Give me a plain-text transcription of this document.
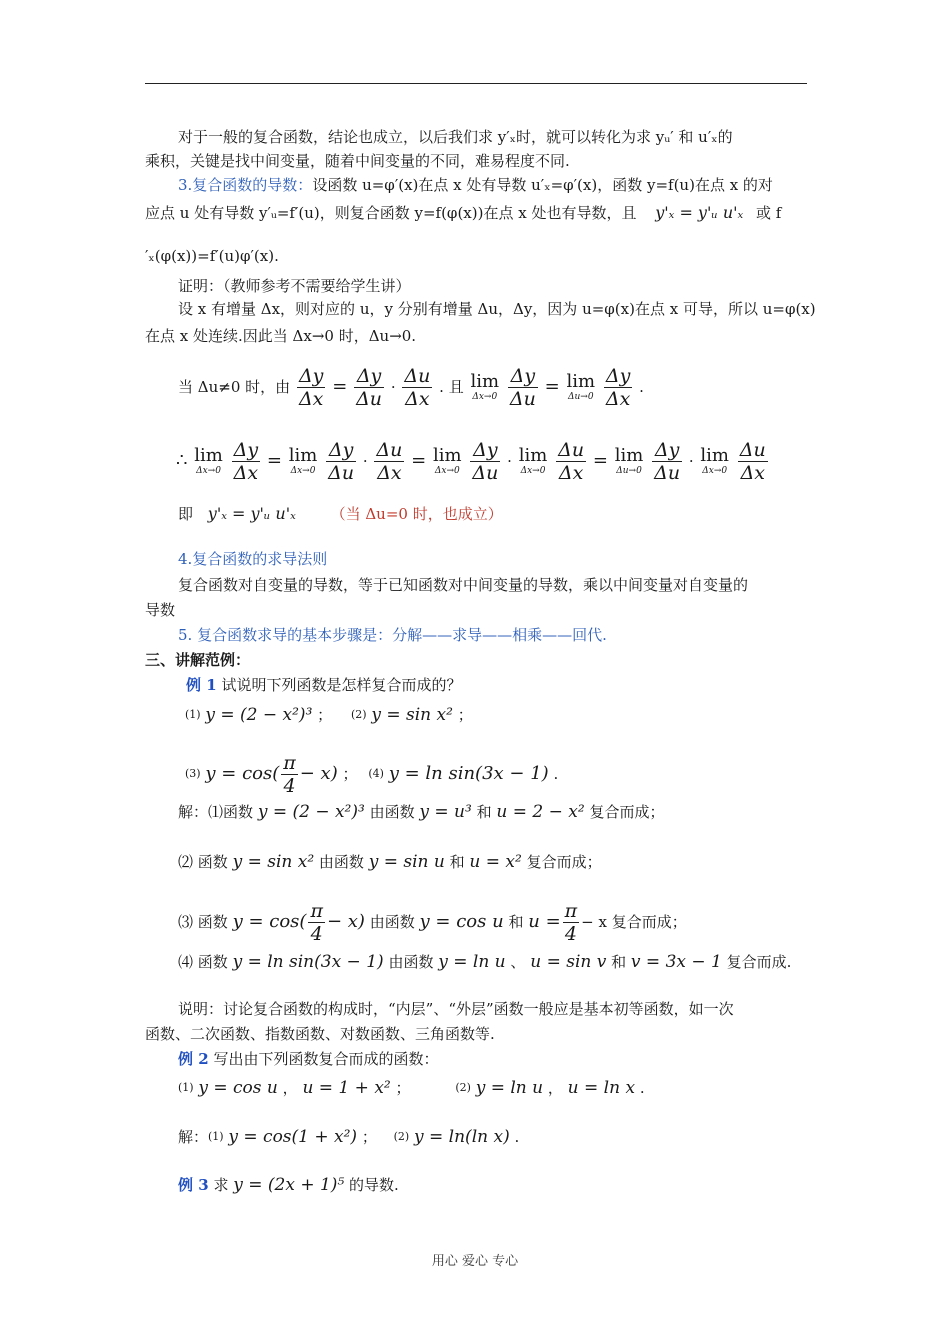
对于一般的复合函数，结论也成立，以后我们求 y′ₓ时，就可以转化为求 yᵤ′ 和 u′ₓ的
乘积，关键是找中间变量，随着中间变量的不同，难易程度不同.
3.复合函数的导数：设函数 u=φ′(x)在点 x 处有导数 u′ₓ=φ′(x)，函数 y=f(u)在点 x 的对
应点 u 处有导数 y′ᵤ=f′(u)，则复合函数 y=f(φ(x))在点 x 处也有导数，且 y'ₓ = y'ᵤ u'ₓ 或 f
′ₓ(φ(x))=f′(u)φ′(x).
证明：（教师参考不需要给学生讲）
设 x 有增量 Δx，则对应的 u，y 分别有增量 Δu，Δy，因为 u=φ(x)在点 x 可导，所以 u=φ(x)
在点 x 处连续.因此当 Δx→0 时，Δu→0.
当 Δu≠0 时，由 $\frac{\Delta y}{\Delta x} = \frac{\Delta y}{\Delta u} \cdot \frac{\Delta u}{\Delta x}$ . 且 lim
Δx→0
$\frac{\Delta y}{\Delta u} = \lim$
Δu→0
$\frac{\Delta y}{\Delta x}$ .
∴ lim
Δx→0
$\frac{\Delta y}{\Delta x} = \lim$
Δx→0
$\frac{\Delta y}{\Delta u} \cdot \frac{\Delta u}{\Delta x} = \lim$
Δx→0
$\frac{\Delta y}{\Delta u} \cdot \lim$
Δx→0
$\frac{\Delta u}{\Delta x} = \lim$
Δu→0
$\frac{\Delta y}{\Delta u} \cdot \lim$
Δx→0
$\frac{\Delta u}{\Delta x}$
即 y'ₓ = y'ᵤ u'ₓ （当 Δu=0 时，也成立）
4.复合函数的求导法则
复合函数对自变量的导数，等于已知函数对中间变量的导数，乘以中间变量对自变量的
导数
5. 复合函数求导的基本步骤是：分解——求导——相乘——回代.
三、讲解范例：
例 1 试说明下列函数是怎样复合而成的？
$^{(1)}$ y = (2 − x²)³ ； $^{(2)}$ y = sin x² ；
(3) $y = \cos( \frac{\pi}{4} - x)$ ； (4) y = ln sin(3x − 1) .
解：⑴函数 y = (2 − x²)³ 由函数 y = u³ 和 u = 2 − x² 复合而成；
⑵ 函数 y = sin x² 由函数 y = sin u 和 u = x² 复合而成；
⑶ 函数 $y = \cos( \frac{\pi}{4} - x)$ 由函数 y = cos u 和 $u = \frac{\pi}{4} - x$ 复合而成；
⑷ 函数 y = ln sin(3x − 1) 由函数 y = ln u 、 u = sin v 和 v = 3x − 1 复合而成.
说明：讨论复合函数的构成时，“内层”、“外层”函数一般应是基本初等函数，如一次
函数、二次函数、指数函数、对数函数、三角函数等.
例 2 写出由下列函数复合而成的函数：
$^{(1)}$ y = cos u ， u = 1 + x² ；	$^{(2)}$ y = ln u ， u = ln x .
解：$^{(1)}$ y = cos(1 + x²) ； $^{(2)}$ y = ln(ln x) .
例 3 求 y = (2x + 1)⁵ 的导数.
用心 爱心 专心
